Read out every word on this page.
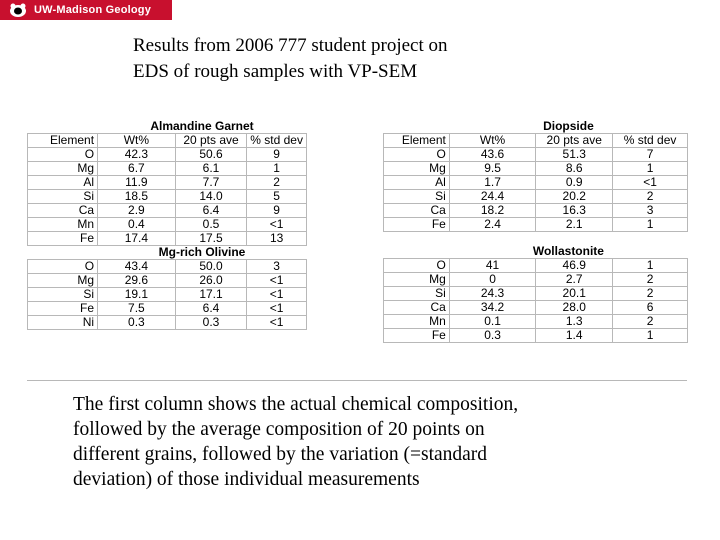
UW-Madison Geology 777
Results from 2006 777 student project on
EDS of rough samples with VP-SEM
	Almandine Garnet		
Element	Wt%	20 pts ave	% std dev
O	42.3	50.6	9
Mg	6.7	6.1	1
Al	11.9	7.7	2
Si	18.5	14.0	5
Ca	2.9	6.4	9
Mn	0.4	0.5	<1
Fe	17.4	17.5	13
	Mg-rich Olivine		
O	43.4	50.0	3
Mg	29.6	26.0	<1
Si	19.1	17.1	<1
Fe	7.5	6.4	<1
Ni	0.3	0.3	<1
	Diopside		
Element	Wt%	20 pts ave	% std dev
O	43.6	51.3	7
Mg	9.5	8.6	1
Al	1.7	0.9	<1
Si	24.4	20.2	2
Ca	18.2	16.3	3
Fe	2.4	2.1	1

	Wollastonite		
O	41	46.9	1
Mg	0	2.7	2
Si	24.3	20.1	2
Ca	34.2	28.0	6
Mn	0.1	1.3	2
Fe	0.3	1.4	1
The first column shows the actual chemical composition,
followed by the average composition of 20 points on
different grains, followed by the variation (=standard
deviation) of those individual measurements
